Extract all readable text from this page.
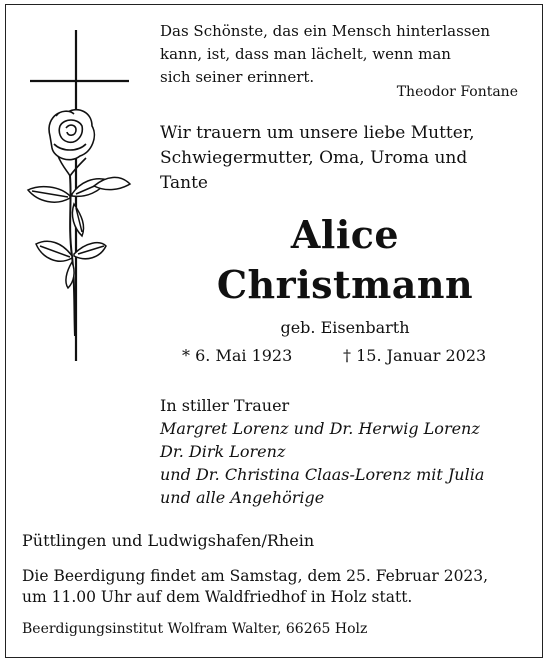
Das Schönste, das ein Mensch hinterlassen
kann, ist, dass man lächelt, wenn man
sich seiner erinnert.
Theodor Fontane
Wir trauern um unsere liebe Mutter,
Schwiegermutter, Oma, Uroma und
Tante
Alice
Christmann
geb. Eisenbarth
* 6. Mai 1923	† 15. Januar 2023
In stiller Trauer
Margret Lorenz und Dr. Herwig Lorenz
Dr. Dirk Lorenz
und Dr. Christina Claas-Lorenz mit Julia
und alle Angehörige
Püttlingen und Ludwigshafen/Rhein
Die Beerdigung findet am Samstag, dem 25. Februar 2023,
um 11.00 Uhr auf dem Waldfriedhof in Holz statt.
Beerdigungsinstitut Wolfram Walter, 66265 Holz
